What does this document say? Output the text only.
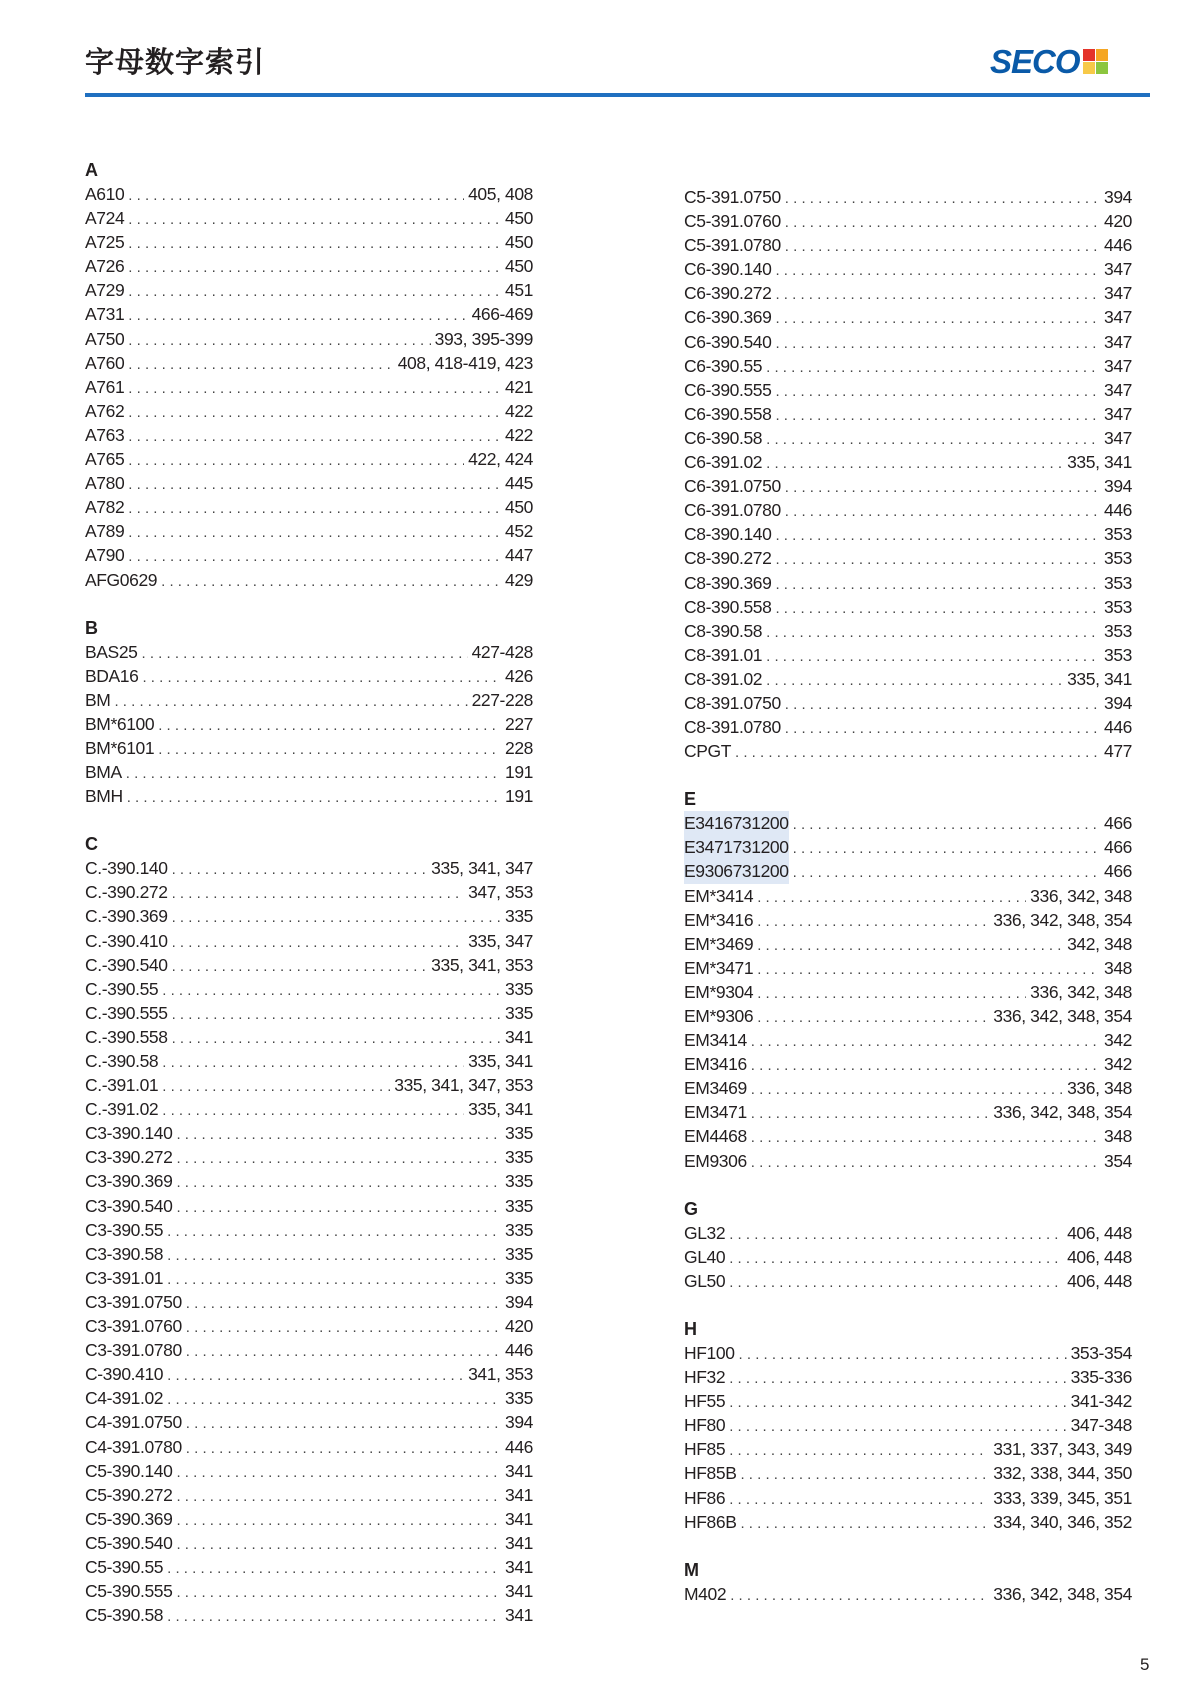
字母数字索引	SECO
A
A610 . . .	405, 408
A724 . . .	450
A725 . . .	450
A726 . . .	450
A729 . . .	451
A731 . . .	466-469
A750 . . .	393, 395-399
A760 . . .	408, 418-419, 423
A761 . . .	421
A762 . . .	422
A763 . . .	422
A765 . . .	422, 424
A780 . . .	445
A782 . . .	450
A789 . . .	452
A790 . . .	447
AFG0629 . . .	429
B
BAS25 . . .	427-428
BDA16 . . .	426
BM . . .	227-228
BM*6100 . . .	227
BM*6101 . . .	228
BMA . . .	191
BMH . . .	191
C
C.-390.140 . . .	335, 341, 347
C.-390.272 . . .	347, 353
C.-390.369 . . .	335
C.-390.410 . . .	335, 347
C.-390.540 . . .	335, 341, 353
C.-390.55 . . .	335
C.-390.555 . . .	335
C.-390.558 . . .	341
C.-390.58 . . .	335, 341
C.-391.01 . . .	335, 341, 347, 353
C.-391.02 . . .	335, 341
C3-390.140 . . .	335
C3-390.272 . . .	335
C3-390.369 . . .	335
C3-390.540 . . .	335
C3-390.55 . . .	335
C3-390.58 . . .	335
C3-391.01 . . .	335
C3-391.0750 . . .	394
C3-391.0760 . . .	420
C3-391.0780 . . .	446
C-390.410 . . .	341, 353
C4-391.02 . . .	335
C4-391.0750 . . .	394
C4-391.0780 . . .	446
C5-390.140 . . .	341
C5-390.272 . . .	341
C5-390.369 . . .	341
C5-390.540 . . .	341
C5-390.55 . . .	341
C5-390.555 . . .	341
C5-390.58 . . .	341
C5-391.0750 . . .	394
C5-391.0760 . . .	420
C5-391.0780 . . .	446
C6-390.140 . . .	347
C6-390.272 . . .	347
C6-390.369 . . .	347
C6-390.540 . . .	347
C6-390.55 . . .	347
C6-390.555 . . .	347
C6-390.558 . . .	347
C6-390.58 . . .	347
C6-391.02 . . .	335, 341
C6-391.0750 . . .	394
C6-391.0780 . . .	446
C8-390.140 . . .	353
C8-390.272 . . .	353
C8-390.369 . . .	353
C8-390.558 . . .	353
C8-390.58 . . .	353
C8-391.01 . . .	353
C8-391.02 . . .	335, 341
C8-391.0750 . . .	394
C8-391.0780 . . .	446
CPGT . . .	477
E
E3416731200 . . .	466
E3471731200 . . .	466
E9306731200 . . .	466
EM*3414 . . .	336, 342, 348
EM*3416 . . .	336, 342, 348, 354
EM*3469 . . .	342, 348
EM*3471 . . .	348
EM*9304 . . .	336, 342, 348
EM*9306 . . .	336, 342, 348, 354
EM3414 . . .	342
EM3416 . . .	342
EM3469 . . .	336, 348
EM3471 . . .	336, 342, 348, 354
EM4468 . . .	348
EM9306 . . .	354
G
GL32 . . .	406, 448
GL40 . . .	406, 448
GL50 . . .	406, 448
H
HF100 . . .	353-354
HF32 . . .	335-336
HF55 . . .	341-342
HF80 . . .	347-348
HF85 . . .	331, 337, 343, 349
HF85B . . .	332, 338, 344, 350
HF86 . . .	333, 339, 345, 351
HF86B . . .	334, 340, 346, 352
M
M402 . . .	336, 342, 348, 354
5
